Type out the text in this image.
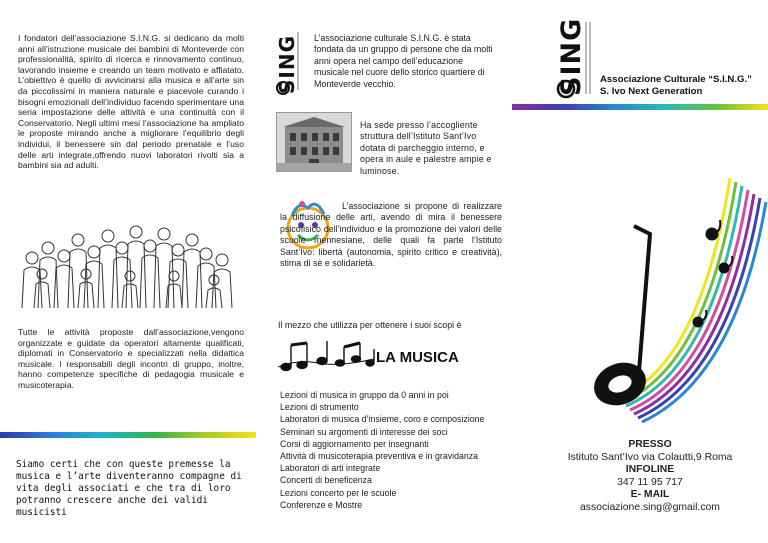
I fondatori dell’associazione S.I.N.G. si dedicano da molti anni all’istruzione musicale dei bambini di Monteverde con professionalità, spirito di ricerca e rinnovamento continuo, lavorando insieme e creando un team motivato e affiatato. L’obiettivo è quello di avvicinarsi alla musica e all’arte sin da piccolissimi in maniera naturale e piacevole curando i bisogni emozionali dell’individuo facendo sperimentare una seria impostazione delle attività e una continuità con il Conservatorio. Negli ultimi mesi l’associazione ha ampliato le proposte mirando anche a migliorare l’equilibrio degli individui, il benessere sin dal periodo prenatale e l’uso delle arti integrate,offrendo nuovi laboratori rivolti sia a bambini sia ad adulti.
Tutte le attività proposte dall’associazione,vengono organizzate e guidate da operatori altamente qualificati, diplomati in Conservatorio e specializzati nella didattica musicale. I responsabili degli incontri di gruppo, inoltre, hanno competenze specifiche di pedagogia musicale e musicoterapia.
Siamo certi che con queste premesse la musica e l’arte diventeranno compagne di vita degli associati e che tra di loro potranno crescere anche dei validi musicisti
SING L’associazione culturale S.I.N.G. è stata fondata da un gruppo di persone che da molti anni opera nel campo dell’educazione musicale nel cuore dello storico quartiere di Monteverde vecchio.
Ha sede presso l’accogliente struttura dell’Istituto Sant’Ivo dotata di parcheggio interno, e opera in aule e palestre ampie e luminose.
L’associazione si propone di realizzare la diffusione delle arti, avendo di mira il benessere psicofisico dell’individuo e la promozione dei valori delle scuole mennesiane, delle quali fa parte l’Istituto Sant’Ivo: libertà (autonomia, spirito critico e creatività), stima di sè e solidarietà.
Il mezzo che utilizza per ottenere i suoi scopi è
LA MUSICA
Lezioni di musica in gruppo da 0 anni in poi
Lezioni di strumento
Laboratori di musica d’insieme, coro e composizione
Seminari su argomenti di interesse dei soci
Corsi di aggiornamento per insegnanti
Attività di musicoterapia preventiva e in gravidanza
Laboratori di arti integrate
Concerti di beneficenza
Lezioni concerto per le scuole
Conferenze e Mostre
SING Associazione Culturale “S.I.N.G.”
S. Ivo Next Generation
PRESSO
Istituto Sant’Ivo via Colautti,9 Roma
INFOLINE
347 11 95 717
E- MAIL
associazione.sing@gmail.com
